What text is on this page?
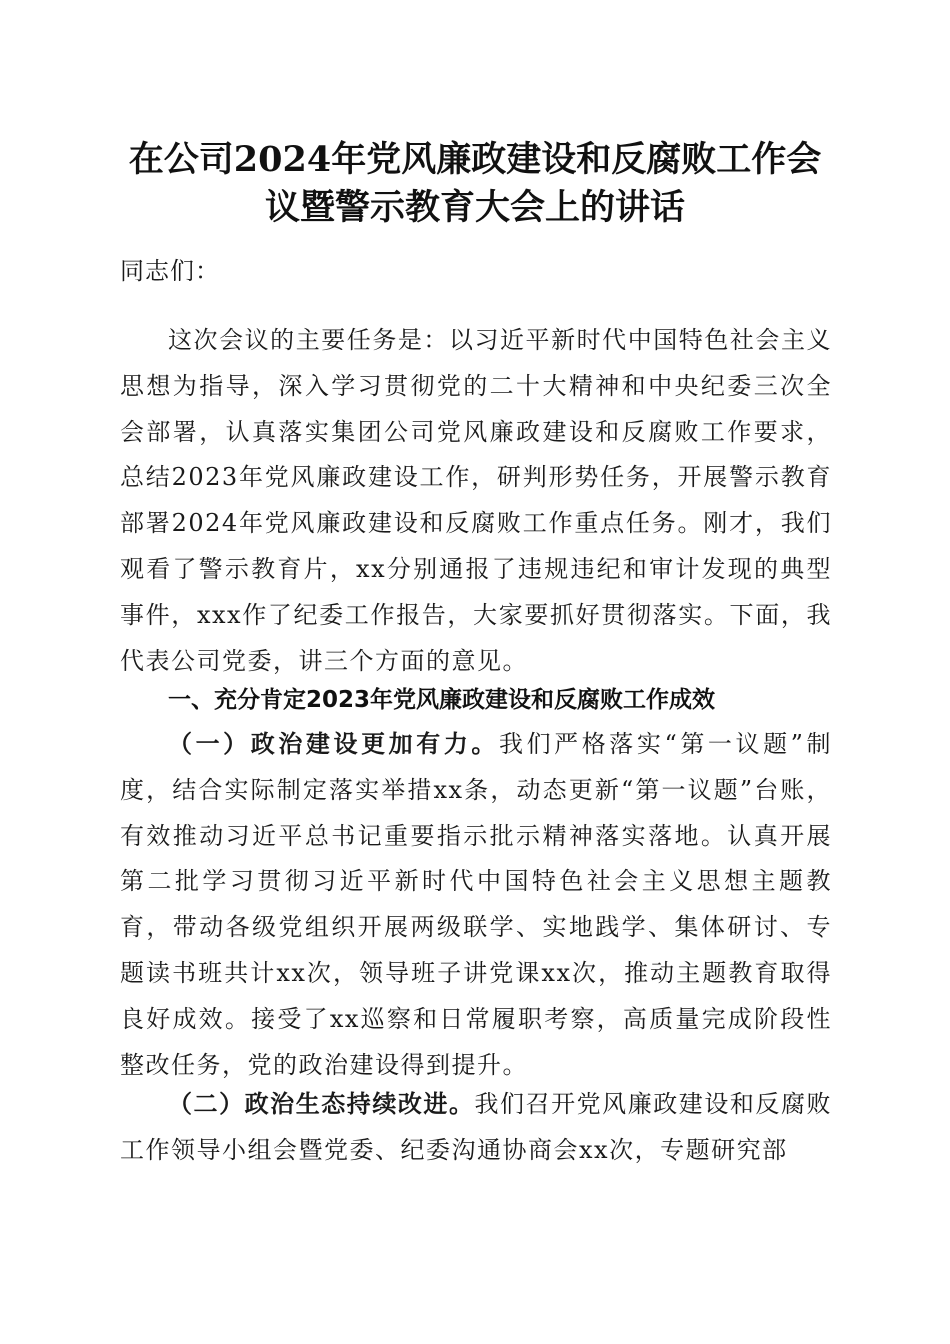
在公司2024年党风廉政建设和反腐败工作会
议暨警示教育大会上的讲话
同志们：
这次会议的主要任务是：以习近平新时代中国特色社会主义思想为指导，深入学习贯彻党的二十大精神和中央纪委三次全会部署，认真落实集团公司党风廉政建设和反腐败工作要求，总结2023年党风廉政建设工作，研判形势任务，开展警示教育部署2024年党风廉政建设和反腐败工作重点任务。刚才，我们观看了警示教育片，xx分别通报了违规违纪和审计发现的典型事件，xxx作了纪委工作报告，大家要抓好贯彻落实。下面，我代表公司党委，讲三个方面的意见。
一、充分肯定2023年党风廉政建设和反腐败工作成效
（一）政治建设更加有力。我们严格落实“第一议题”制度，结合实际制定落实举措xx条，动态更新“第一议题”台账，有效推动习近平总书记重要指示批示精神落实落地。认真开展第二批学习贯彻习近平新时代中国特色社会主义思想主题教育，带动各级党组织开展两级联学、实地践学、集体研讨、专题读书班共计xx次，领导班子讲党课xx次，推动主题教育取得良好成效。接受了xx巡察和日常履职考察，高质量完成阶段性整改任务，党的政治建设得到提升。
（二）政治生态持续改进。我们召开党风廉政建设和反腐败工作领导小组会暨党委、纪委沟通协商会xx次，专题研究部
